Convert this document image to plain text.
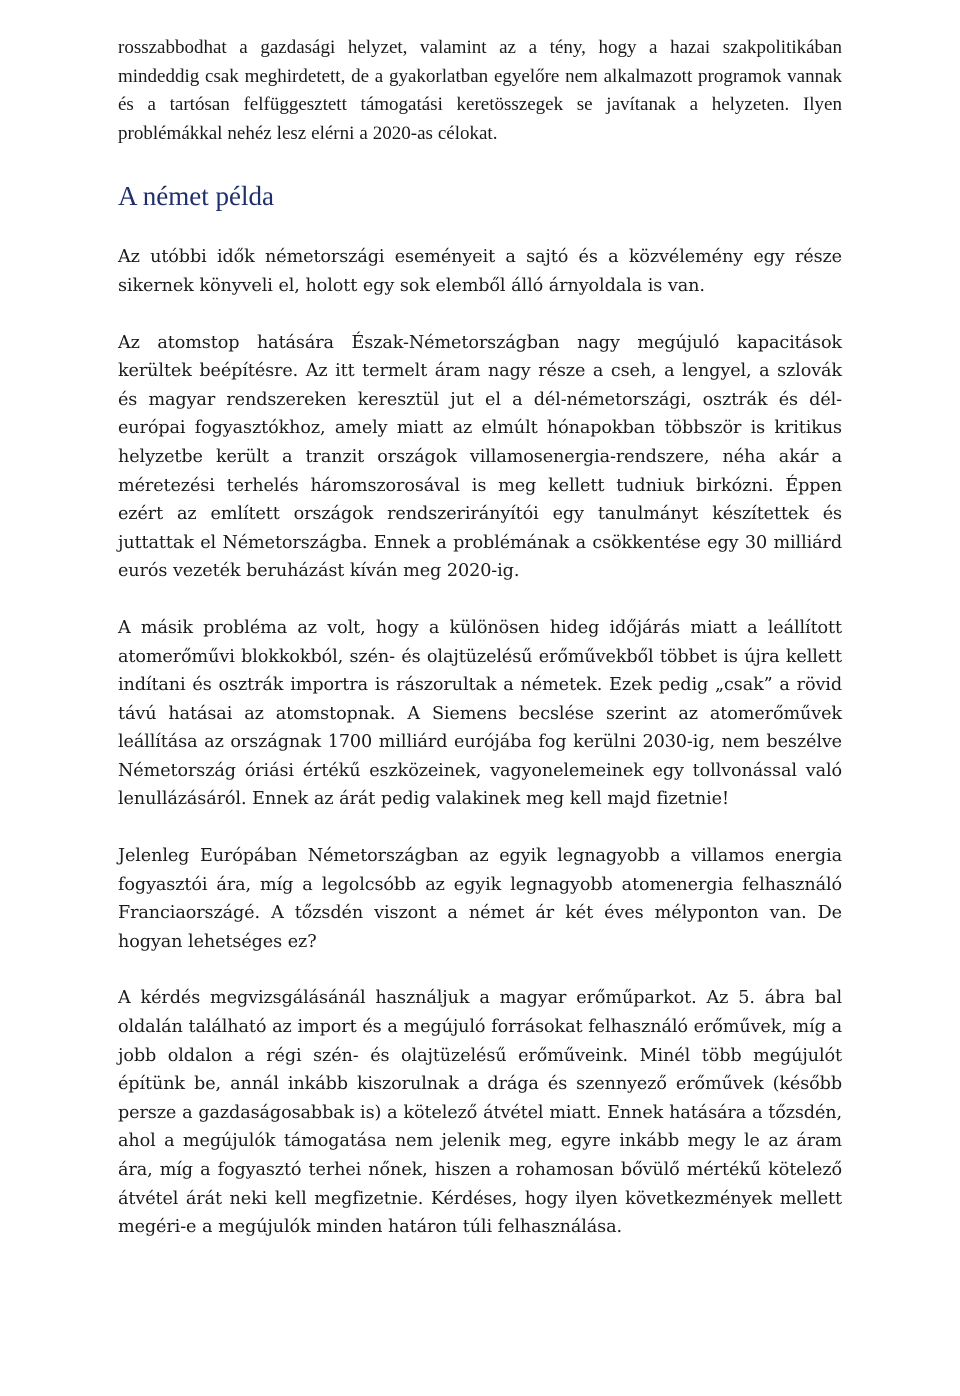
rosszabbodhat a gazdasági helyzet, valamint az a tény, hogy a hazai szakpolitikában mindeddig csak meghirdetett, de a gyakorlatban egyelőre nem alkalmazott programok vannak és a tartósan felfüggesztett támogatási keretösszegek se javítanak a helyzeten. Ilyen problémákkal nehéz lesz elérni a 2020-as célokat.

A német példa

Az utóbbi idők németországi eseményeit a sajtó és a közvélemény egy része sikernek könyveli el, holott egy sok elemből álló árnyoldala is van.

Az atomstop hatására Észak-Németországban nagy megújuló kapacitások kerültek beépítésre. Az itt termelt áram nagy része a cseh, a lengyel, a szlovák és magyar rendszereken keresztül jut el a dél-németországi, osztrák és dél-európai fogyasztókhoz, amely miatt az elmúlt hónapokban többször is kritikus helyzetbe került a tranzit országok villamosenergia-rendszere, néha akár a méretezési terhelés háromszorosával is meg kellett tudniuk birkózni. Éppen ezért az említett országok rendszerirányítói egy tanulmányt készítettek és juttattak el Németországba. Ennek a problémának a csökkentése egy 30 milliárd eurós vezeték beruházást kíván meg 2020-ig.

A másik probléma az volt, hogy a különösen hideg időjárás miatt a leállított atomerőművi blokkokból, szén- és olajtüzelésű erőművekből többet is újra kellett indítani és osztrák importra is rászorultak a németek. Ezek pedig „csak” a rövid távú hatásai az atomstopnak. A Siemens becslése szerint az atomerőművek leállítása az országnak 1700 milliárd eurójába fog kerülni 2030-ig, nem beszélve Németország óriási értékű eszközeinek, vagyonelemeinek egy tollvonással való lenullázásáról. Ennek az árát pedig valakinek meg kell majd fizetnie!

Jelenleg Európában Németországban az egyik legnagyobb a villamos energia fogyasztói ára, míg a legolcsóbb az egyik legnagyobb atomenergia felhasználó Franciaországé. A tőzsdén viszont a német ár két éves mélyponton van. De hogyan lehetséges ez?

A kérdés megvizsgálásánál használjuk a magyar erőműparkot. Az 5. ábra bal oldalán található az import és a megújuló forrásokat felhasználó erőművek, míg a jobb oldalon a régi szén- és olajtüzelésű erőműveink. Minél több megújulót építünk be, annál inkább kiszorulnak a drága és szennyező erőművek (később persze a gazdaságosabbak is) a kötelező átvétel miatt. Ennek hatására a tőzsdén, ahol a megújulók támogatása nem jelenik meg, egyre inkább megy le az áram ára, míg a fogyasztó terhei nőnek, hiszen a rohamosan bővülő mértékű kötelező átvétel árát neki kell megfizetnie. Kérdéses, hogy ilyen következmények mellett megéri-e a megújulók minden határon túli felhasználása.
